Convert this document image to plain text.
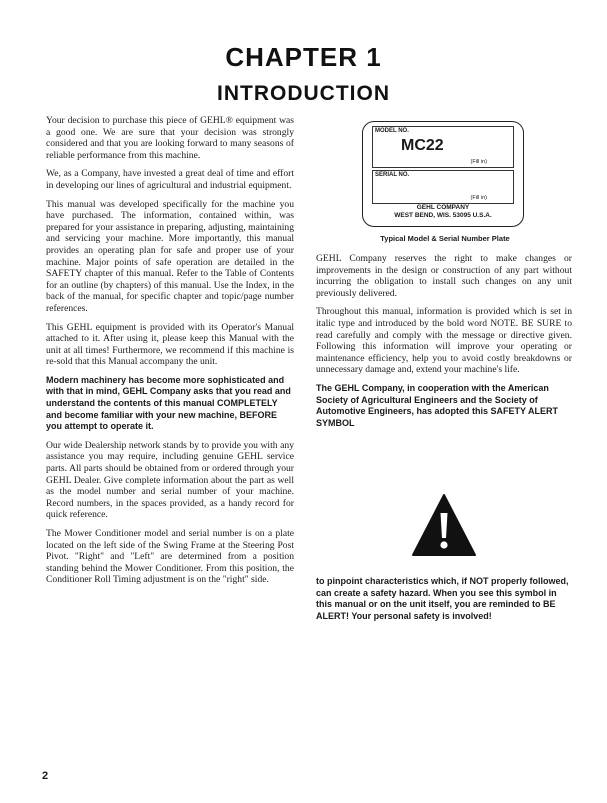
CHAPTER 1
INTRODUCTION

Your decision to purchase this piece of GEHL® equipment was a good one. We are sure that your decision was strongly considered and that you are looking forward to many seasons of reliable performance from this machine.

We, as a Company, have invested a great deal of time and effort in developing our lines of agricultural and industrial equipment.

This manual was developed specifically for the machine you have purchased. The information, contained within, was prepared for your assistance in preparing, adjusting, maintaining and servicing your machine. More importantly, this manual provides an operating plan for safe and proper use of your machine. Major points of safe operation are detailed in the SAFETY chapter of this manual. Refer to the Table of Contents for an outline (by chapters) of this manual. Use the Index, in the back of the manual, for specific chapter and topic/page number references.

This GEHL equipment is provided with its Operator's Manual attached to it. After using it, please keep this Manual with the unit at all times! Furthermore, we recommend if this machine is re-sold that this Manual accompany the unit.

Modern machinery has become more sophisticated and with that in mind, GEHL Company asks that you read and understand the contents of this manual COMPLETELY and become familiar with your new machine, BEFORE you attempt to operate it.

Our wide Dealership network stands by to provide you with any assistance you may require, including genuine GEHL service parts. All parts should be obtained from or ordered through your GEHL Dealer. Give complete information about the part as well as the model number and serial number of your machine. Record numbers, in the spaces provided, as a handy record for quick reference.

The Mower Conditioner model and serial number is on a plate located on the left side of the Swing Frame at the Steering Post Pivot. "Right" and "Left" are determined from a position standing behind the Mower Conditioner. From this position, the Conditioner Roll Timing adjustment is on the "right" side.

MODEL NO.
MC22
(Fill in)
SERIAL NO.
(Fill in)
GEHL COMPANY
WEST BEND, WIS. 53095 U.S.A.
Typical Model & Serial Number Plate

GEHL Company reserves the right to make changes or improvements in the design or construction of any part without incurring the obligation to install such changes on any unit previously delivered.

Throughout this manual, information is provided which is set in italic type and introduced by the bold word NOTE. BE SURE to read carefully and comply with the message or directive given. Following this information will improve your operating or maintenance efficiency, help you to avoid costly breakdowns or unnecessary damage and, extend your machine's life.

The GEHL Company, in cooperation with the American Society of Agricultural Engineers and the Society of Automotive Engineers, has adopted this SAFETY ALERT SYMBOL

to pinpoint characteristics which, if NOT properly followed, can create a safety hazard. When you see this symbol in this manual or on the unit itself, you are reminded to BE ALERT! Your personal safety is involved!

2
